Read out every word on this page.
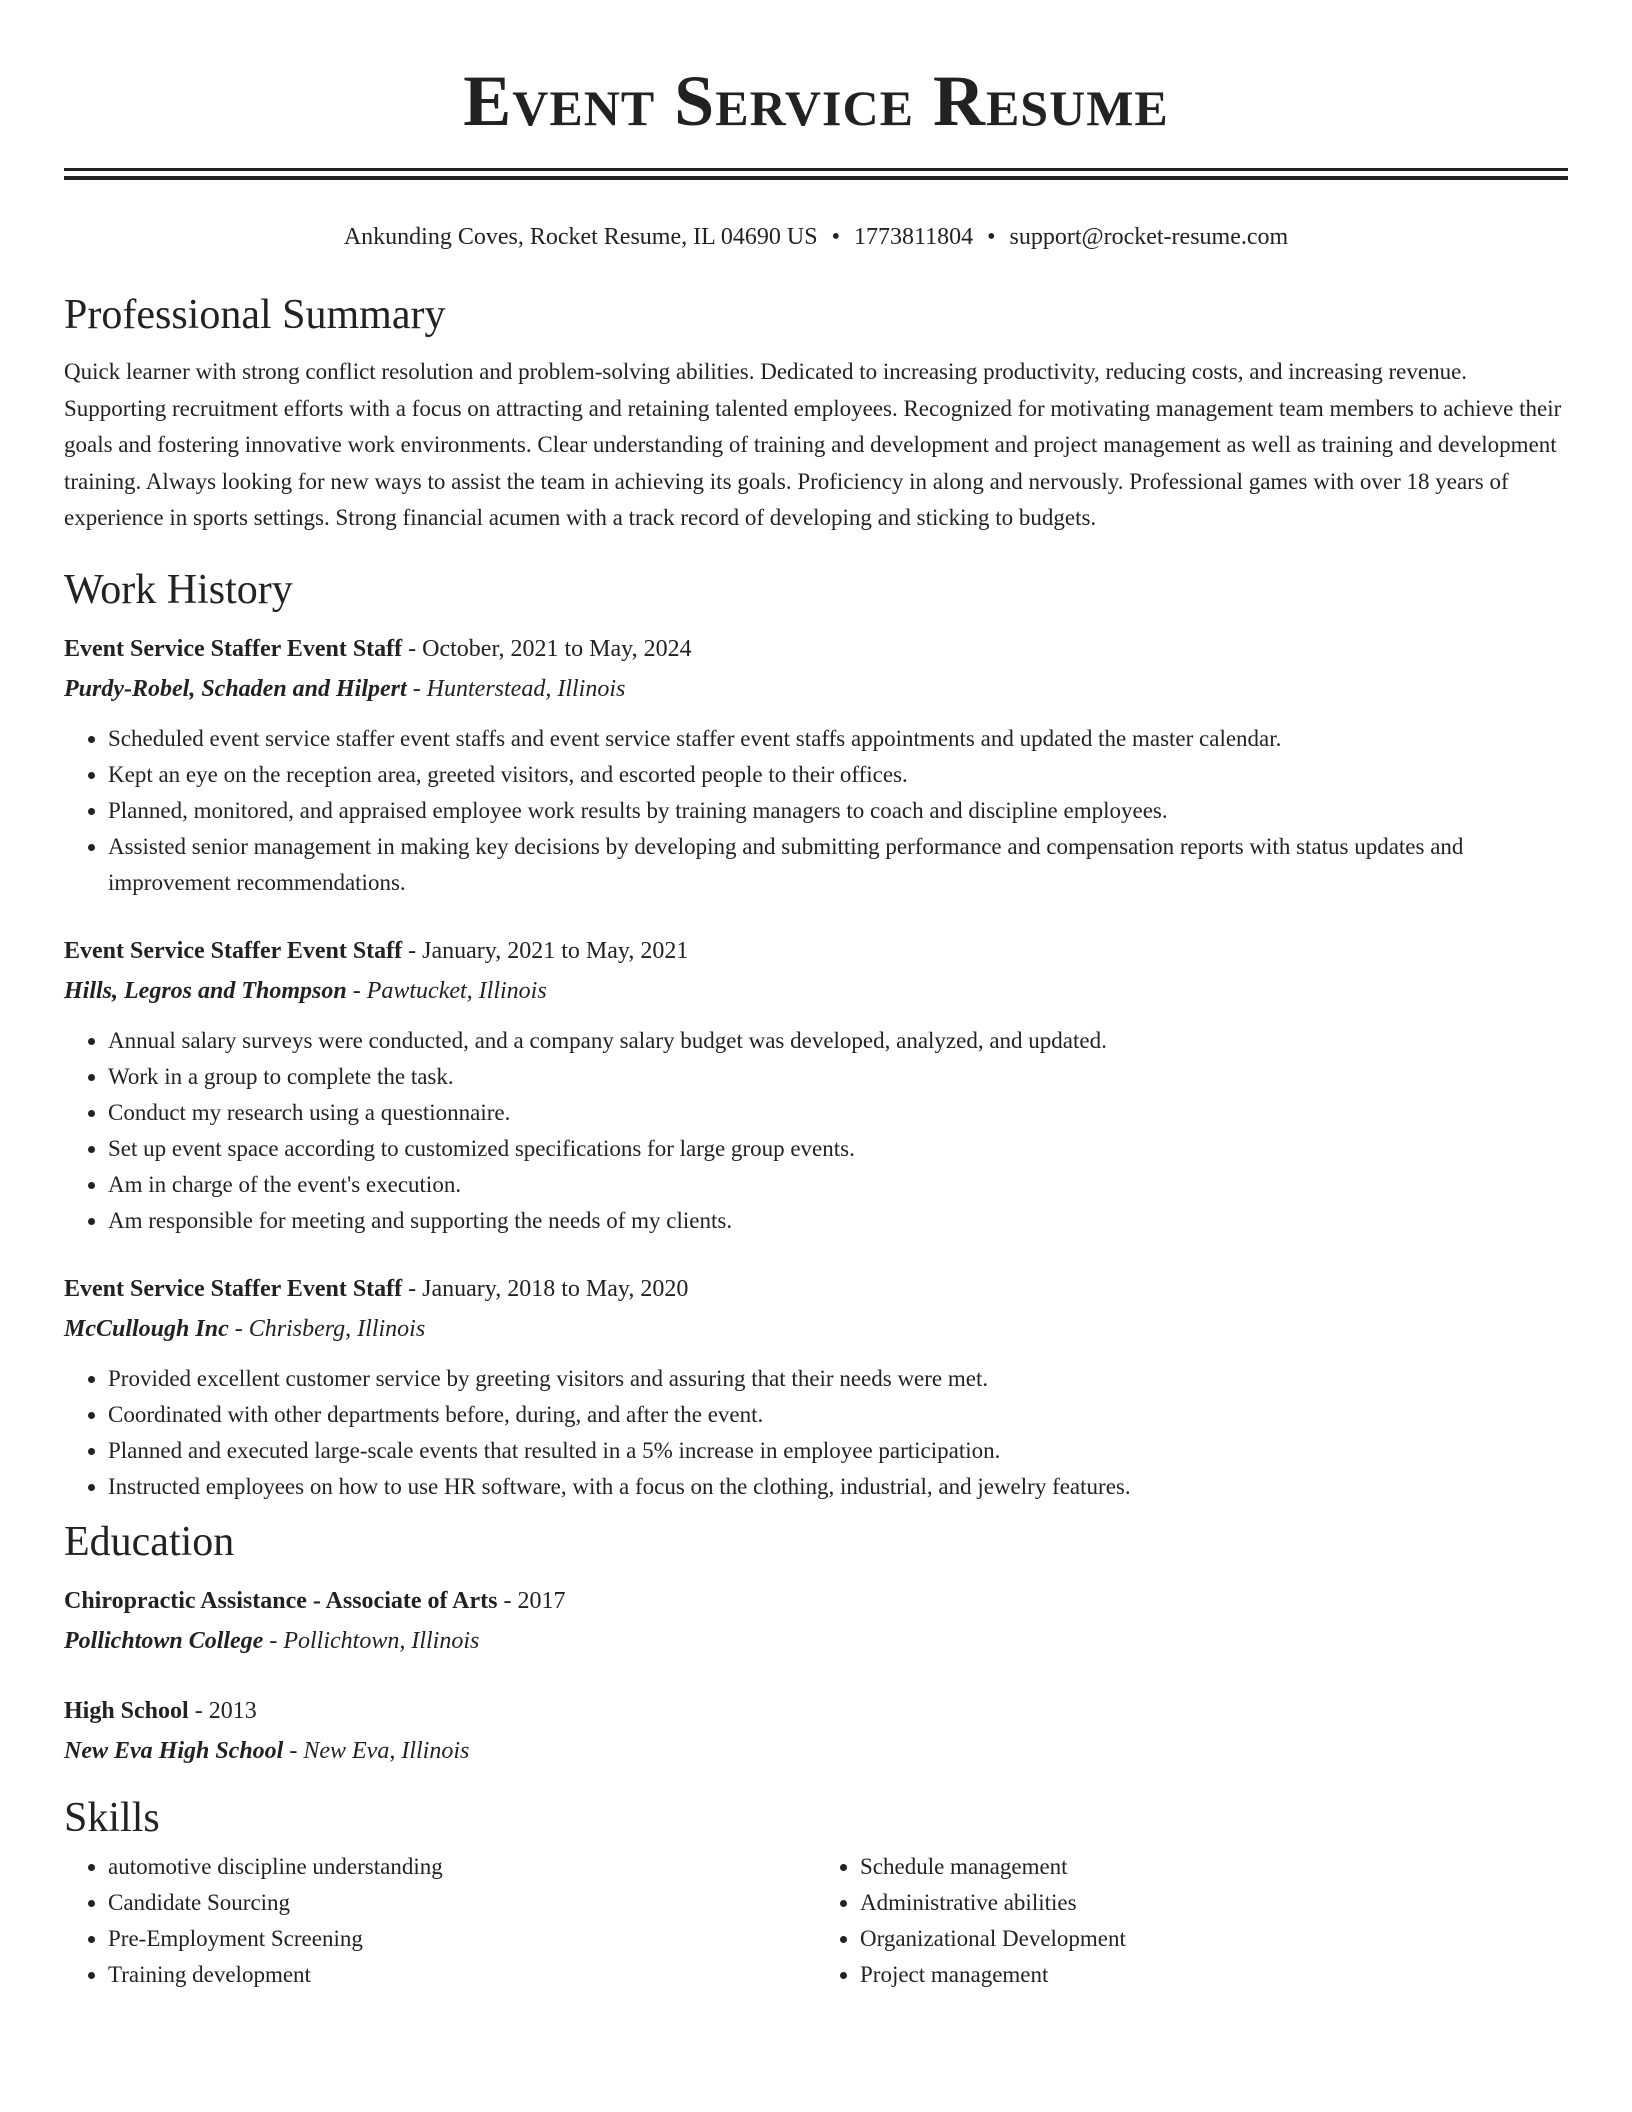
Event Service Resume
Ankunding Coves, Rocket Resume, IL 04690 US • 1773811804 • support@rocket-resume.com
Professional Summary

Quick learner with strong conflict resolution and problem-solving abilities. Dedicated to increasing productivity, reducing costs, and increasing revenue. Supporting recruitment efforts with a focus on attracting and retaining talented employees. Recognized for motivating management team members to achieve their goals and fostering innovative work environments. Clear understanding of training and development and project management as well as training and development training. Always looking for new ways to assist the team in achieving its goals. Proficiency in along and nervously. Professional games with over 18 years of experience in sports settings. Strong financial acumen with a track record of developing and sticking to budgets.

Work History
Event Service Staffer Event Staff - October, 2021 to May, 2024
Purdy-Robel, Schaden and Hilpert - Hunterstead, Illinois
• Scheduled event service staffer event staffs and event service staffer event staffs appointments and updated the master calendar.
• Kept an eye on the reception area, greeted visitors, and escorted people to their offices.
• Planned, monitored, and appraised employee work results by training managers to coach and discipline employees.
• Assisted senior management in making key decisions by developing and submitting performance and compensation reports with status updates and improvement recommendations.
Event Service Staffer Event Staff - January, 2021 to May, 2021
Hills, Legros and Thompson - Pawtucket, Illinois
• Annual salary surveys were conducted, and a company salary budget was developed, analyzed, and updated.
• Work in a group to complete the task.
• Conduct my research using a questionnaire.
• Set up event space according to customized specifications for large group events.
• Am in charge of the event's execution.
• Am responsible for meeting and supporting the needs of my clients.
Event Service Staffer Event Staff - January, 2018 to May, 2020
McCullough Inc - Chrisberg, Illinois
• Provided excellent customer service by greeting visitors and assuring that their needs were met.
• Coordinated with other departments before, during, and after the event.
• Planned and executed large-scale events that resulted in a 5% increase in employee participation.
• Instructed employees on how to use HR software, with a focus on the clothing, industrial, and jewelry features.
Education
Chiropractic Assistance - Associate of Arts - 2017
Pollichtown College - Pollichtown, Illinois
High School - 2013
New Eva High School - New Eva, Illinois
Skills
• automotive discipline understanding
• Candidate Sourcing
• Pre-Employment Screening
• Training development
• Schedule management
• Administrative abilities
• Organizational Development
• Project management
